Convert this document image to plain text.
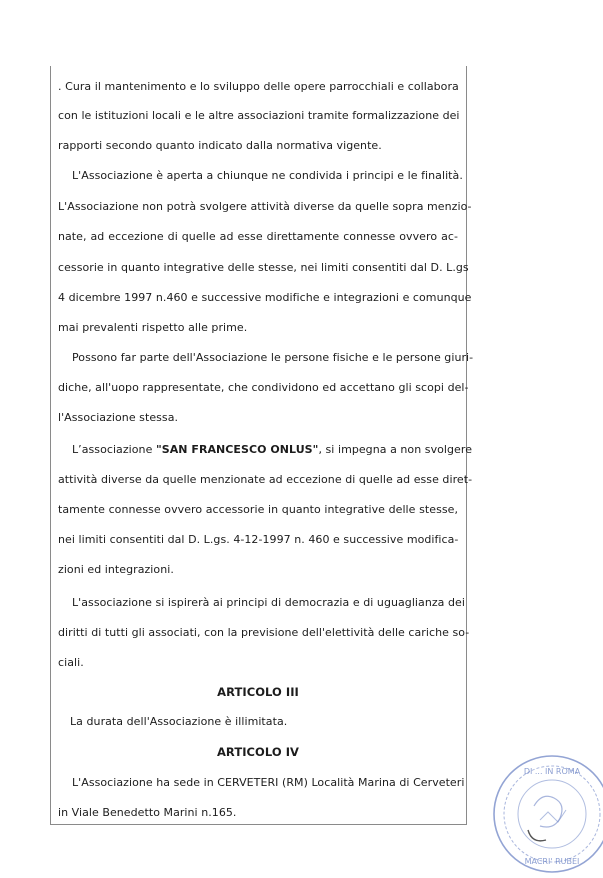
. Cura il mantenimento e lo sviluppo delle opere parrocchiali e collabora
con le istituzioni locali e le altre associazioni tramite formalizzazione dei
rapporti secondo quanto indicato dalla normativa vigente.
L'Associazione è aperta a chiunque ne condivida i principi e le finalità.
L'Associazione non potrà svolgere attività diverse da quelle sopra menzio-
nate, ad eccezione di quelle ad esse direttamente connesse ovvero ac-
cessorie in quanto integrative delle stesse, nei limiti consentiti dal D. L.gs
4 dicembre 1997 n.460 e successive modifiche e integrazioni e comunque
mai prevalenti rispetto alle prime.
Possono far parte dell'Associazione le persone fisiche e le persone giuri-
diche, all'uopo rappresentate, che condividono ed accettano gli scopi del-
l'Associazione stessa.
L’associazione "SAN FRANCESCO ONLUS", si impegna a non svolgere
attività diverse da quelle menzionate ad eccezione di quelle ad esse diret-
tamente connesse ovvero accessorie in quanto integrative delle stesse,
nei limiti consentiti dal D. L.gs. 4-12-1997 n. 460 e successive modifica-
zioni ed integrazioni.
L'associazione si ispirerà ai principi di democrazia e di uguaglianza dei
diritti di tutti gli associati, con la previsione dell'elettività delle cariche so-
ciali.
ARTICOLO III
La durata dell'Associazione è illimitata.
ARTICOLO IV
L'Associazione ha sede in CERVETERI (RM) Località Marina di Cerveteri
in Viale Benedetto Marini n.165.
DI ... IN ROMA
MACRI' RUBEI
